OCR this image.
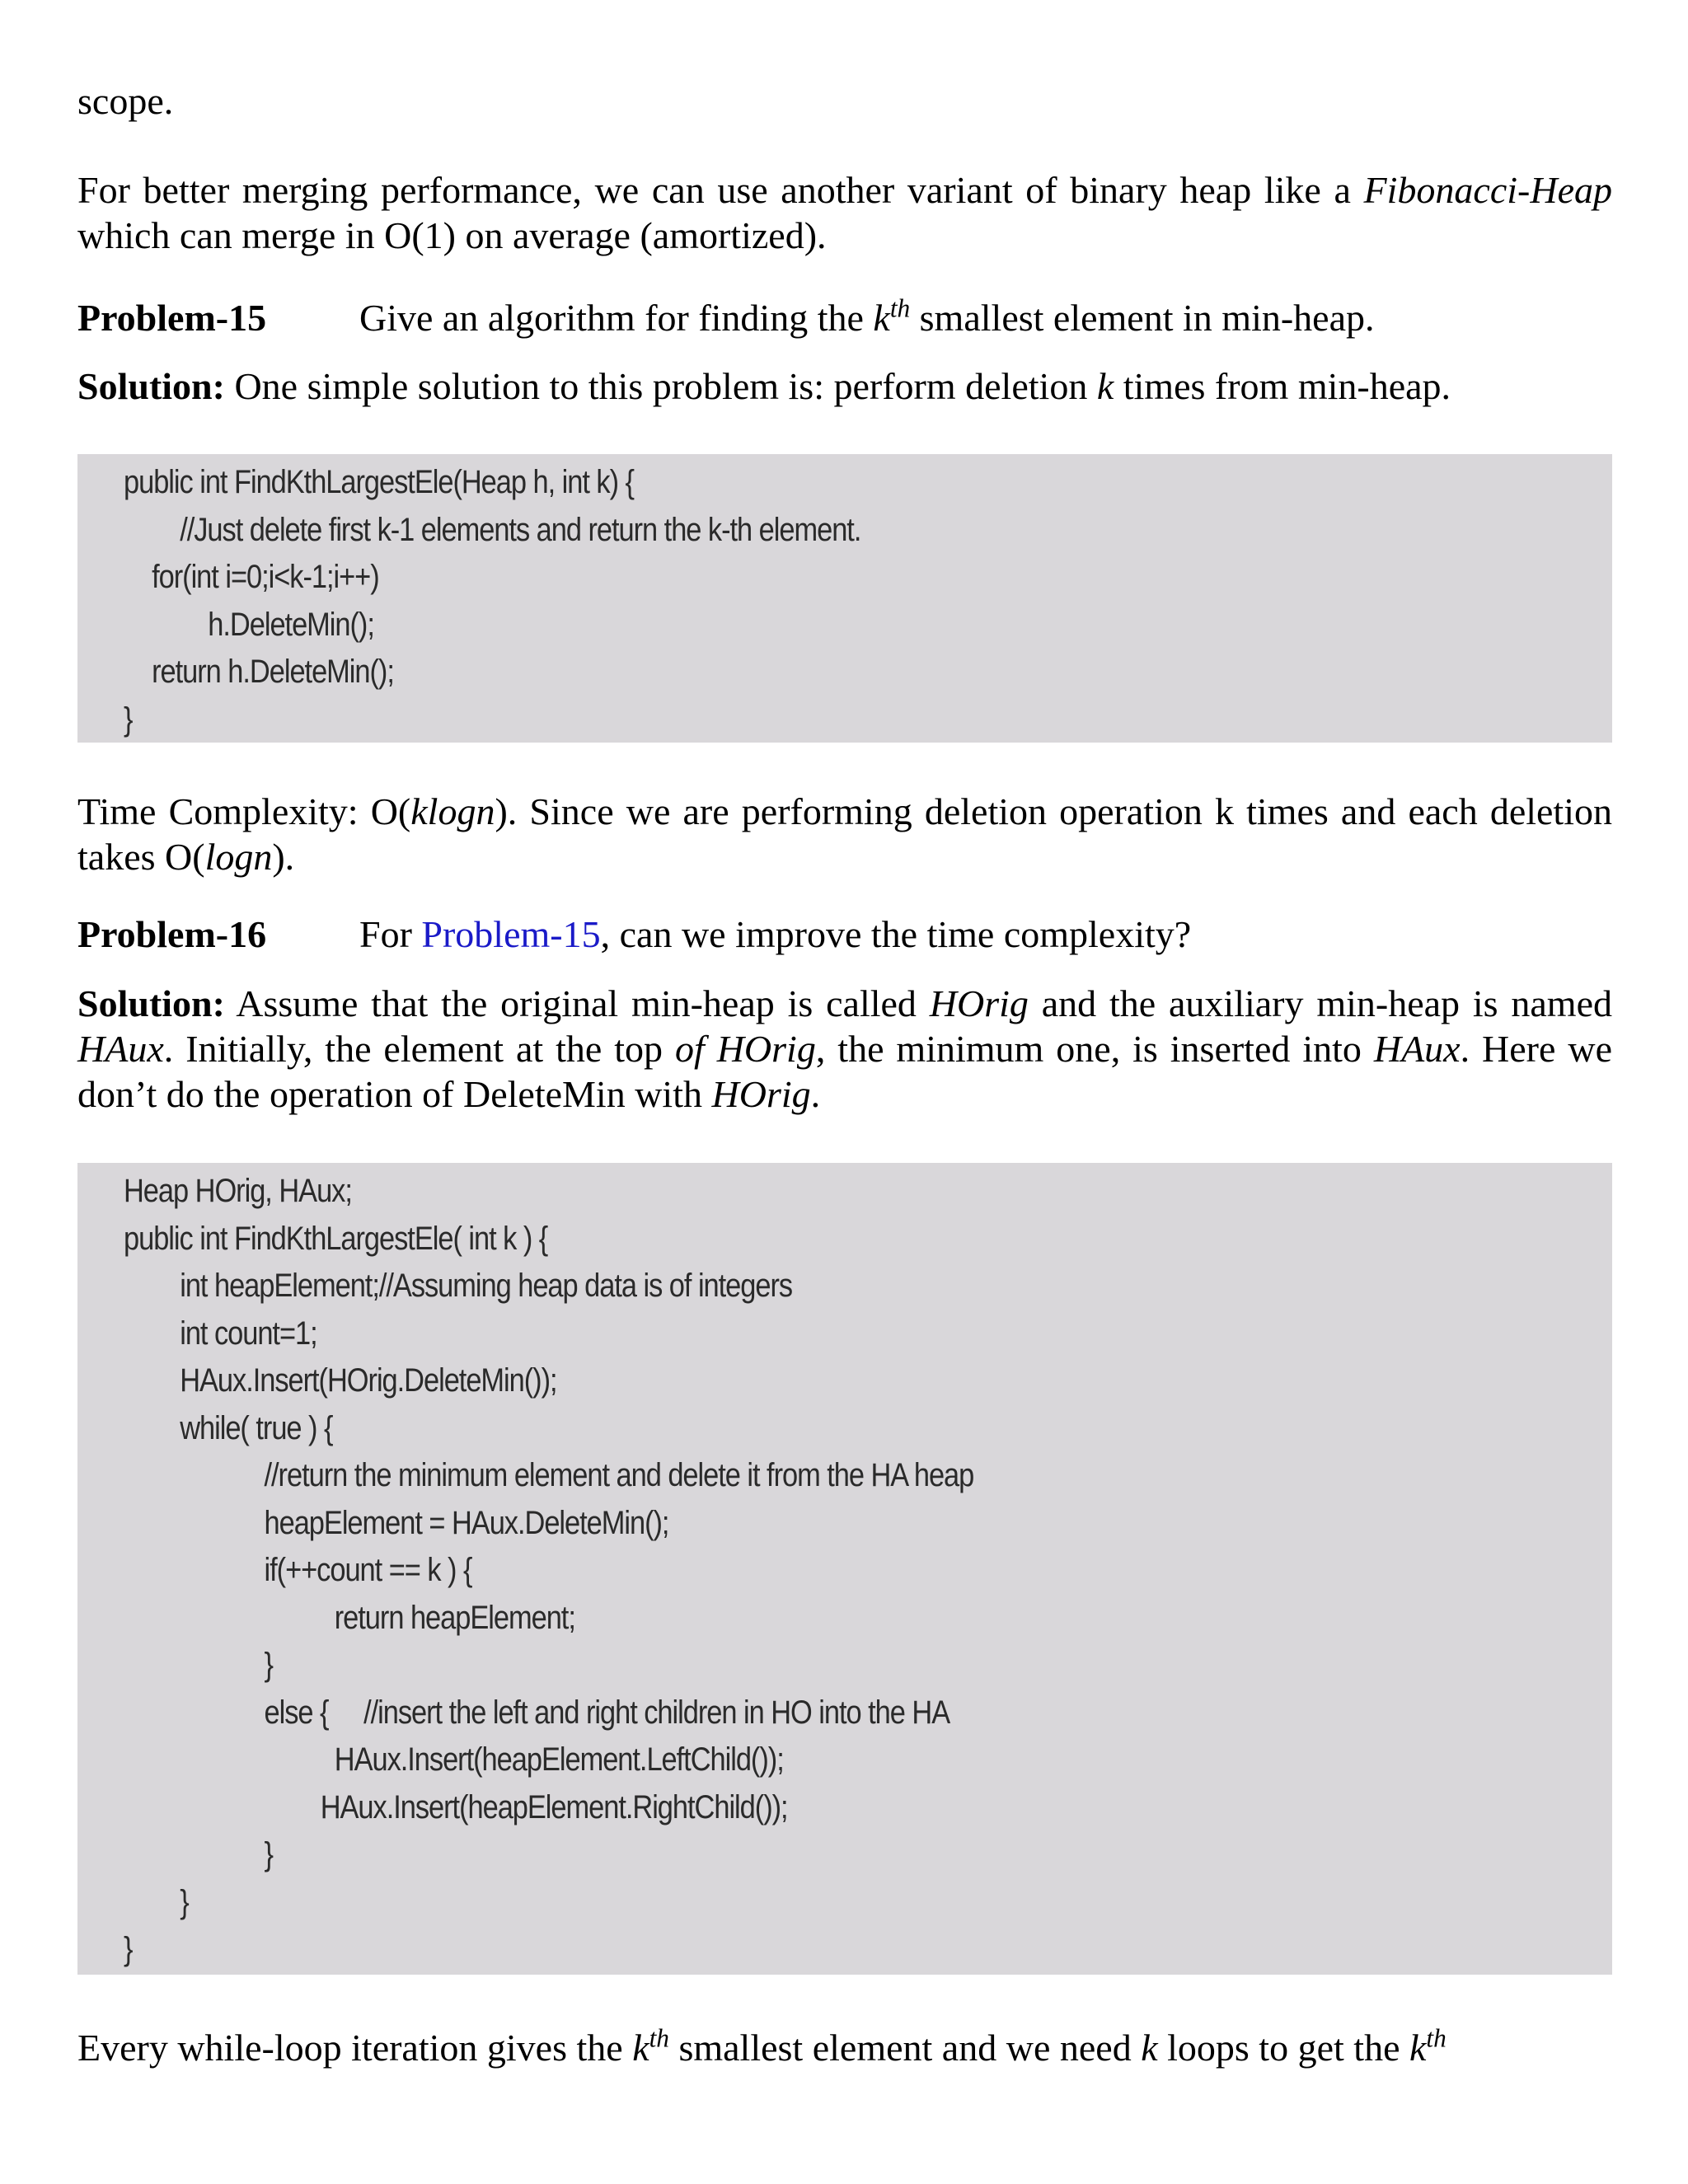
scope.

For better merging performance, we can use another variant of binary heap like a Fibonacci-Heap which can merge in O(1) on average (amortized).

Problem-15 Give an algorithm for finding the $k^{th}$ smallest element in min-heap.

Solution: One simple solution to this problem is: perform deletion k times from min-heap.

public int FindKthLargestEle(Heap h, int k) {
//Just delete first k-1 elements and return the k-th element.
for(int i=0;i<k-1;i++)
h.DeleteMin();
return h.DeleteMin();
}

Time Complexity: O(klogn). Since we are performing deletion operation k times and each deletion takes O(logn).

Problem-16 For Problem-15, can we improve the time complexity?

Solution: Assume that the original min-heap is called HOrig and the auxiliary min-heap is named HAux. Initially, the element at the top of HOrig, the minimum one, is inserted into HAux. Here we don’t do the operation of DeleteMin with HOrig.

Heap HOrig, HAux;
public int FindKthLargestEle( int k ) {
int heapElement;//Assuming heap data is of integers
int count=1;
HAux.Insert(HOrig.DeleteMin());
while( true ) {
//return the minimum element and delete it from the HA heap
heapElement = HAux.DeleteMin();
if(++count == k ) {
return heapElement;
}
else {     //insert the left and right children in HO into the HA
HAux.Insert(heapElement.LeftChild());
HAux.Insert(heapElement.RightChild());
}
}
}

Every while-loop iteration gives the $k^{th}$ smallest element and we need k loops to get the $k^{th}$
